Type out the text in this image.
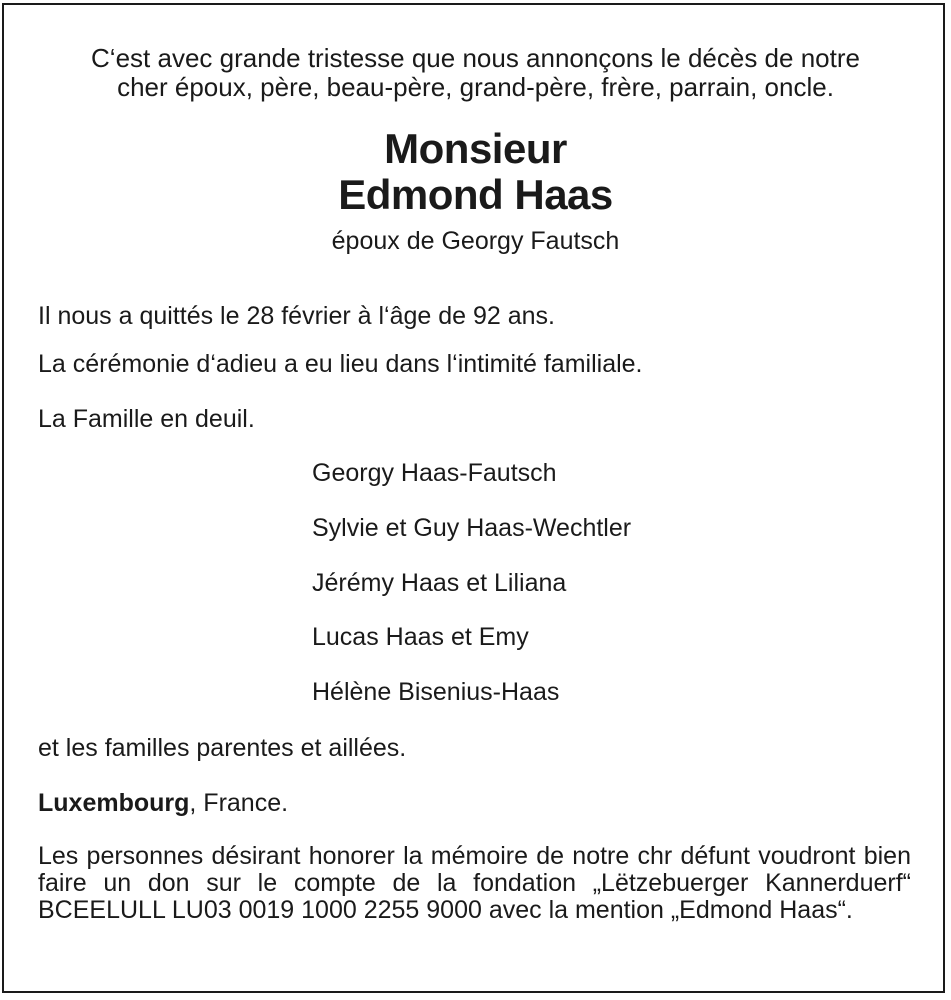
C‘est avec grande tristesse que nous annonçons le décès de notre
cher époux, père, beau-père, grand-père, frère, parrain, oncle.
Monsieur
Edmond Haas
époux de Georgy Fautsch
Il nous a quittés le 28 février à l‘âge de 92 ans.
La cérémonie d‘adieu a eu lieu dans l‘intimité familiale.
La Famille en deuil.
Georgy Haas-Fautsch
Sylvie et Guy Haas-Wechtler
Jérémy Haas et Liliana
Lucas Haas et Emy
Hélène Bisenius-Haas
et les familles parentes et aillées.
Luxembourg, France.
Les personnes désirant honorer la mémoire de notre chr défunt voudront bien faire un don sur le compte de la fondation „Lëtzebuerger Kannerduerf“ BCEELULL LU03 0019 1000 2255 9000 avec la mention „Edmond Haas“.
